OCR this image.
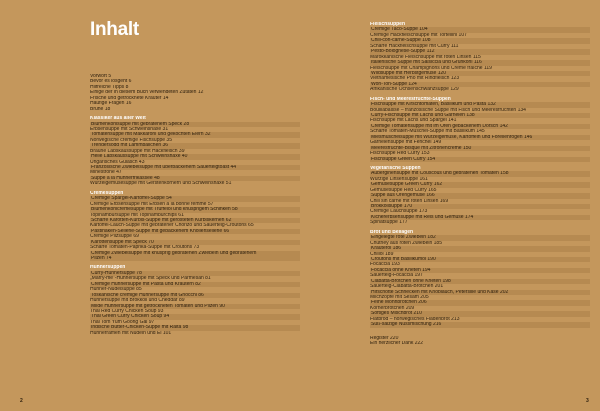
Inhalt
Vorwort 5
Bevor es losgeht 6
Hilfreiche Tipps 8
Einige der in diesem Buch verwendeten Zutaten 12
Frische und getrocknete Kräuter 14
Häufige Fragen 16
Brühe 18
Klassiker aus aller Welt
Blumenkohlsuppe mit gebratenem Speck 28
Erbsensuppe mit Schweinshaxe 31
Tomatensuppe mit Makkaroni und gekochten Eiern 32
Norwegische cremige Fischsuppe 35
Trendersodd mit Lammbällchen 36
Braune Labskaussuppe mit Hackfleisch 39
Helle Labskaussuppe mit Schweinshaxe 40
Ungarisches Gulasch 43
Französische Zwiebelsuppe mit überbackenem Sauerteigtoast 44
Minestrone 47
Suppe à la Hühnerfrikassee 48
Wurzelgemüsesuppe mit Gerstenkörnern und Schweinshaxe 51
Cremesuppen
Cremige Spargel-Kartoffel-Suppe 54
Cremige Erbsensuppe mit Erbsen à la bonne femme 57
Blumenkohlcremesuppe mit Trüffelöl und knusprigem Schinken 58
Topinambursuppe mit Topinamburchips 61
Scharfe Karotten-Kürbis-Suppe mit gerösteten Kürbiskernen 62
Kartoffel-Lauch-Suppe mit gebratener Chorizo und Sauerteig-Croûtons 65
Pastinaken-Sellerie-Suppe mit gebackenem Knollensellerie 66
Cremige Pilzsuppe 69
Karottensuppe mit Speck 70
Scharfe Tomaten-Paprika-Suppe mit Croûtons 73
Cremige Zwiebelsuppe mit knusprig gebratenen Zwiebeln und gebratenem
Pilzen 74
Hühnersuppen
Curry-Hühnersuppe 78
„Marry-me"-Hühnersuppe mit Speck und Parmesan 81
Cremige Hühnersuppe mit Pasta und Kräutern 82
Hühner-Nudelsuppe 85
Toskanische cremige Hühnersuppe mit Gnocchi 86
Hühnersuppe mit Brokkoli und Cheddar 89
Milde Hühnersuppe mit getrockneten Tomaten und Pilzen 90
Thai Red Curry Chicken Soup 93
Thai Green Curry Chicken Soup 94
Thai Tom Yum Goong Gai 97
Indische Butter-Chicken-Suppe mit Raita 98
Hühnerramen mit Nudeln und Ei 101
Fleischsuppen
Cremige Taco-Suppe 104
Cremige Hackfleischsuppe mit Tortellini 107
Chili-con-carne-Suppe 108
Scharfe Hackfleischsuppe mit Curry 111
Pesto-Bolognese-Suppe 112
Marokkanische Fleischsuppe mit roten Linsen 115
Italienische Suppe mit Salsiccia und Grünkohl 116
Fleischsuppe mit Champignons und Crème fraîche 119
Wildsuppe mit Herbstgemüse 120
Vietnamesische Pho mit Rindfleisch 123
Won-Ton-Suppe 124
Afrikanische Ochsenschwanzsuppe 129
Fisch- und Meeresfrüchte-Suppen
Fischsuppe mit Kirschtomaten, Basilikum und Pasta 132
Bouillabaisse – französische Suppe mit Fisch und Meeresfrüchten 134
Curry-Fischsuppe mit Lachs und Garnelen 138
Fischsuppe mit Lachs und Spargel 141
Cremige Tomatensuppe mit im Ofen gebackenem Dorsch 142
Scharfe Tomaten-Muschel-Suppe mit Basilikum 145
Miesmuschelsuppe mit Wurzelgemüse, Kartoffeln und Forellenrogen 146
Garnelensuppe mit Fenchel 149
Meeresfrüchte-Bisque mit Zitronencreme 150
Fischsuppe Red Curry 153
Fischsuppe Green Curry 154
Vegetarische Suppen
Auberginensuppe mit Couscous und gebratenen Tomaten 158
Würzige Linsensuppe 161
Gemüsesuppe Green Curry 162
Gemüsesuppe Red Curry 165
Suppe aus Ofengemüse 166
Chili sin carne mit roten Linsen 169
Brokkolisuppe 170
Cremige Lauchsuppe 173
Kichererbsensuppe mit Reis und Gemüse 174
Spinatsuppe 177
Brot und Beilagen
Eingelegte rote Zwiebeln 182
Chutney aus roten Zwiebeln 185
Kräuteröl 186
Chiliöl 189
Croûtons mit Basilikumöl 190
Focaccia 193
Focaccia ohne Kneten 194
Sauerteig-Focaccia 197
Ciabatta-Brötchen ohne Kneten 198
Sauerteig-Ciabatta-Brötchen 201
Hirschotte Schnecken mit Knoblauch, Petersilie und Käse 202
Milchzöpfe mit Sesam 205
Feine Mohnbrötchen 206
Körnerbrötchen 209
Softiges Mischbrot 210
Flatbröd – norwegisches Fladenbrot 213
Süß-salzige Nussmischung 216
Register 220
Ein herzlicher Dank 222
2	3
